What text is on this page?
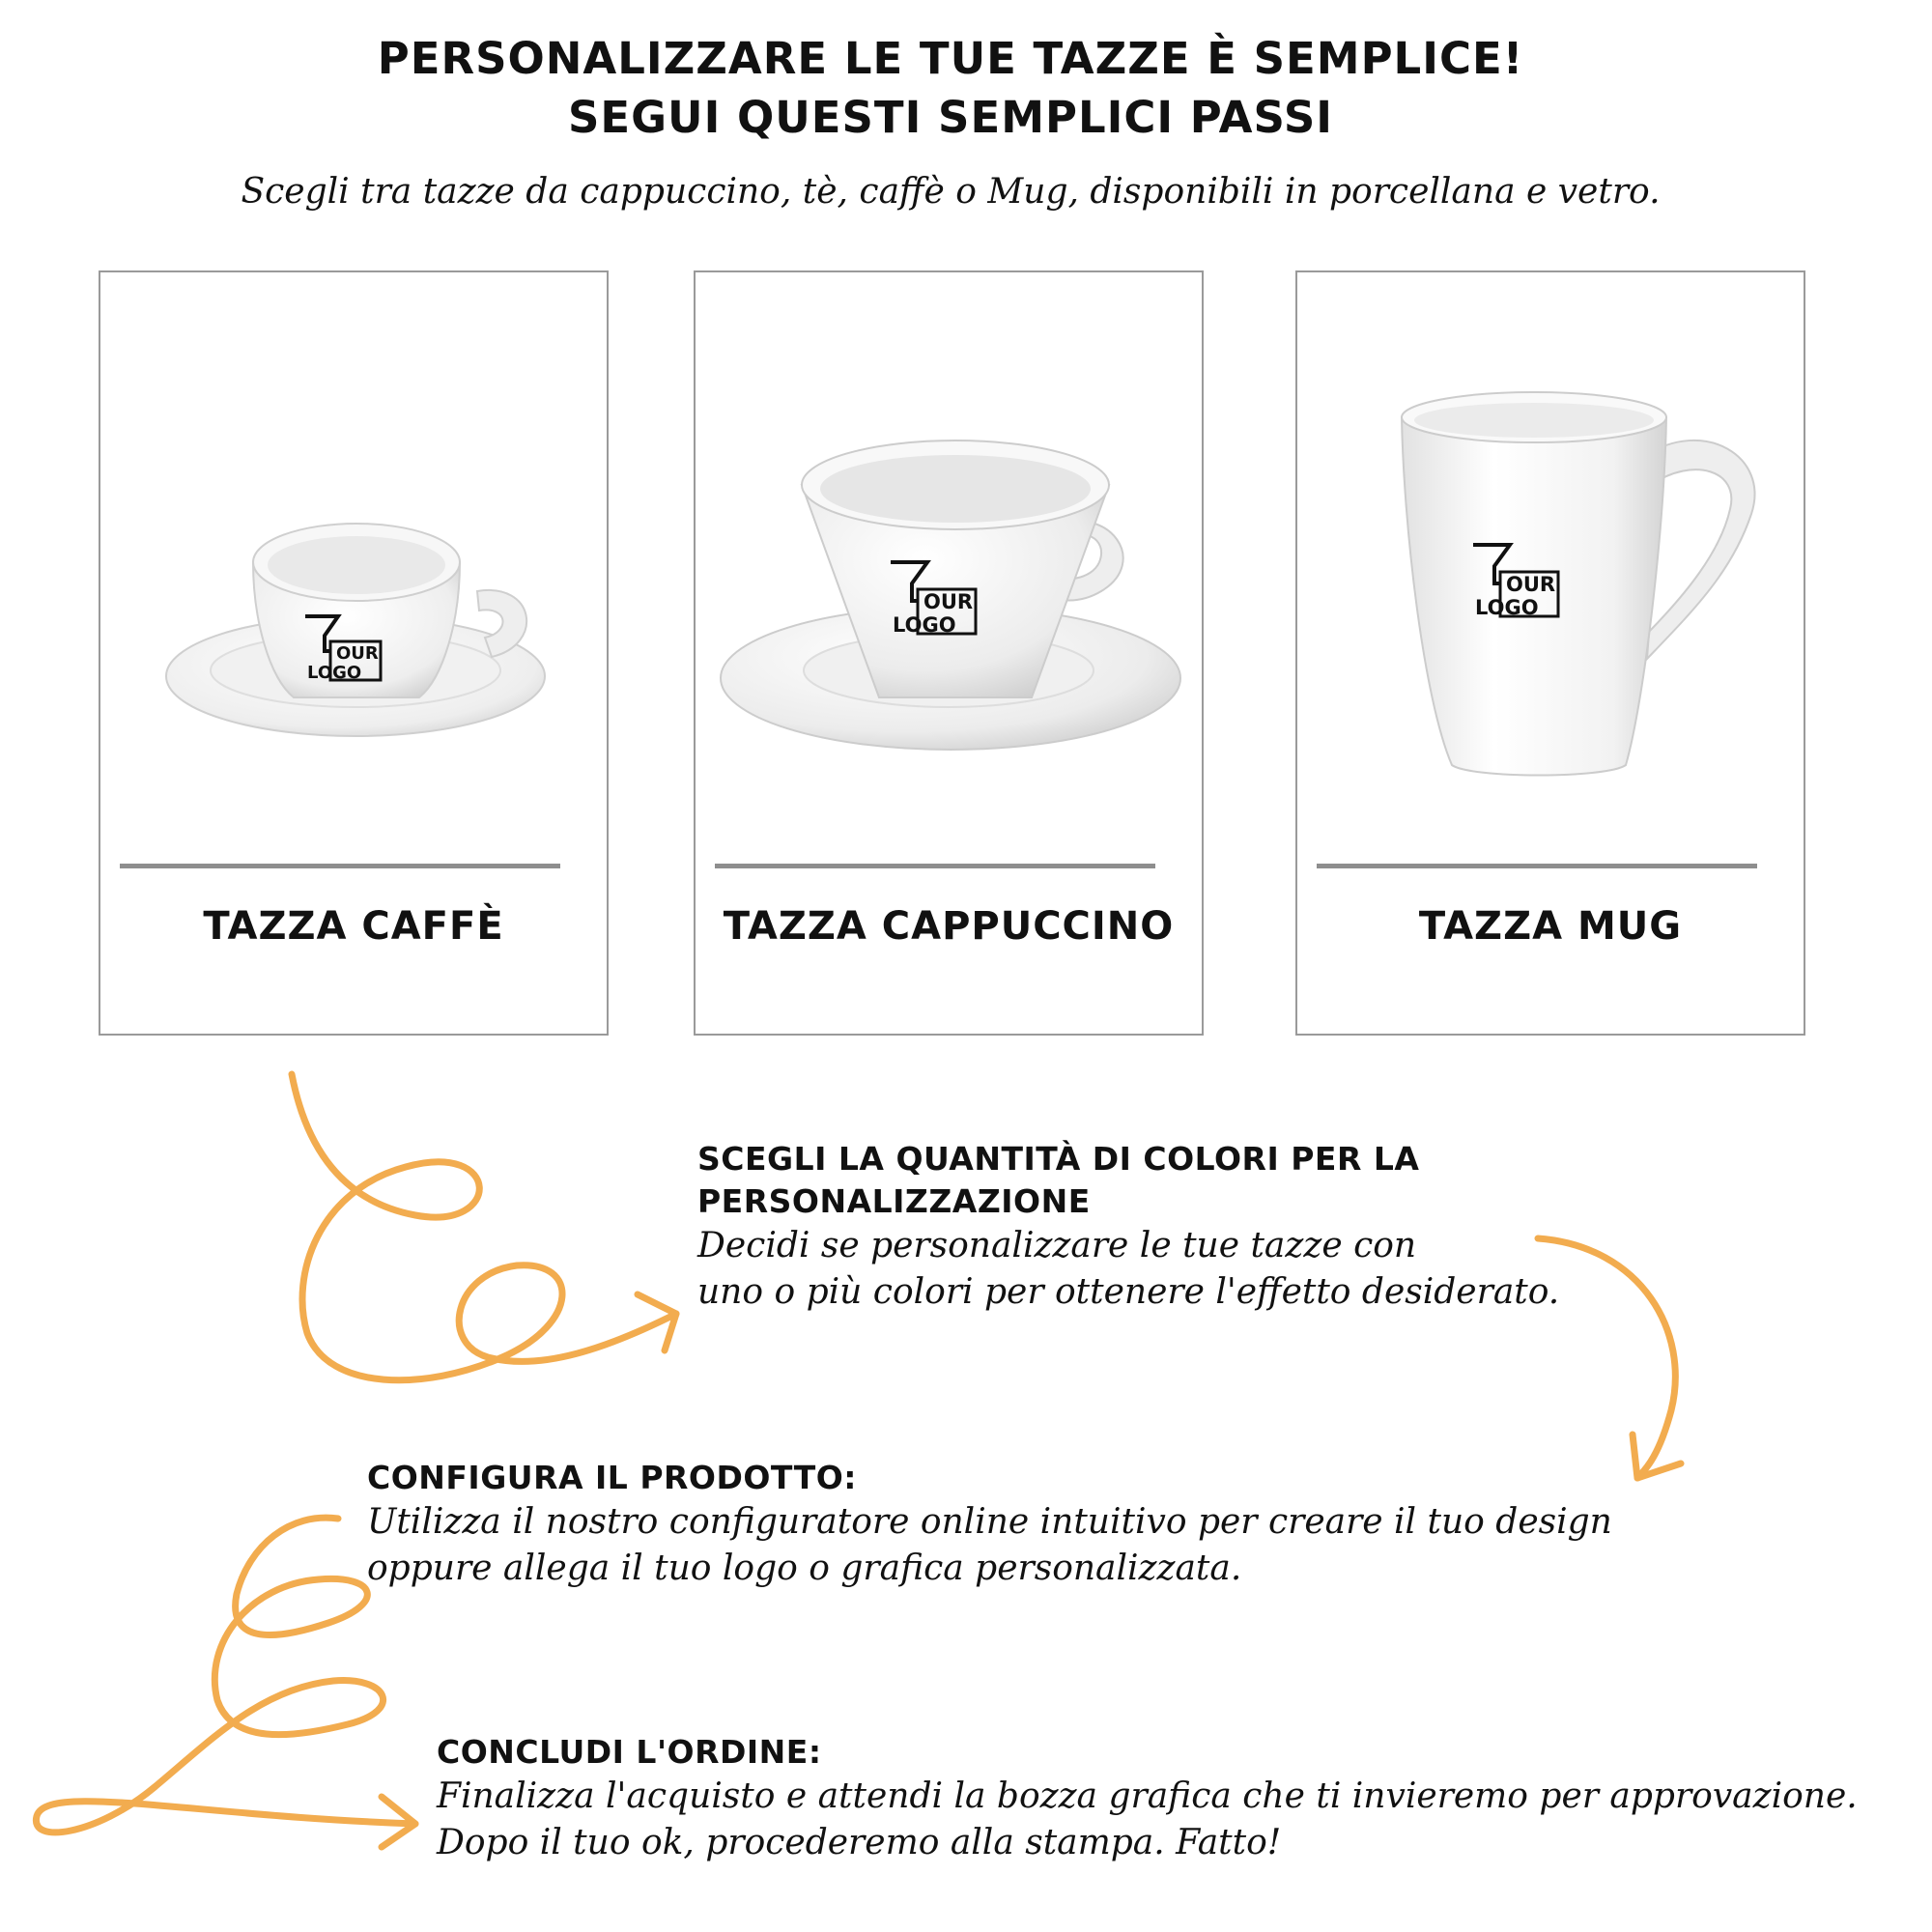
PERSONALIZZARE LE TUE TAZZE È SEMPLICE!
SEGUI QUESTI SEMPLICI PASSI
Scegli tra tazze da cappuccino, tè, caffè o Mug, disponibili in porcellana e vetro.
OUR
LOGO
TAZZA CAFFÈ
OUR
LOGO
TAZZA CAPPUCCINO
OUR
LOGO
TAZZA MUG
SCEGLI LA QUANTITÀ DI COLORI PER LA
PERSONALIZZAZIONE
Decidi se personalizzare le tue tazze con
uno o più colori per ottenere l'effetto desiderato.
CONFIGURA IL PRODOTTO:
Utilizza il nostro configuratore online intuitivo per creare il tuo design
oppure allega il tuo logo o grafica personalizzata.
CONCLUDI L'ORDINE:
Finalizza l'acquisto e attendi la bozza grafica che ti invieremo per approvazione.
Dopo il tuo ok, procederemo alla stampa. Fatto!
